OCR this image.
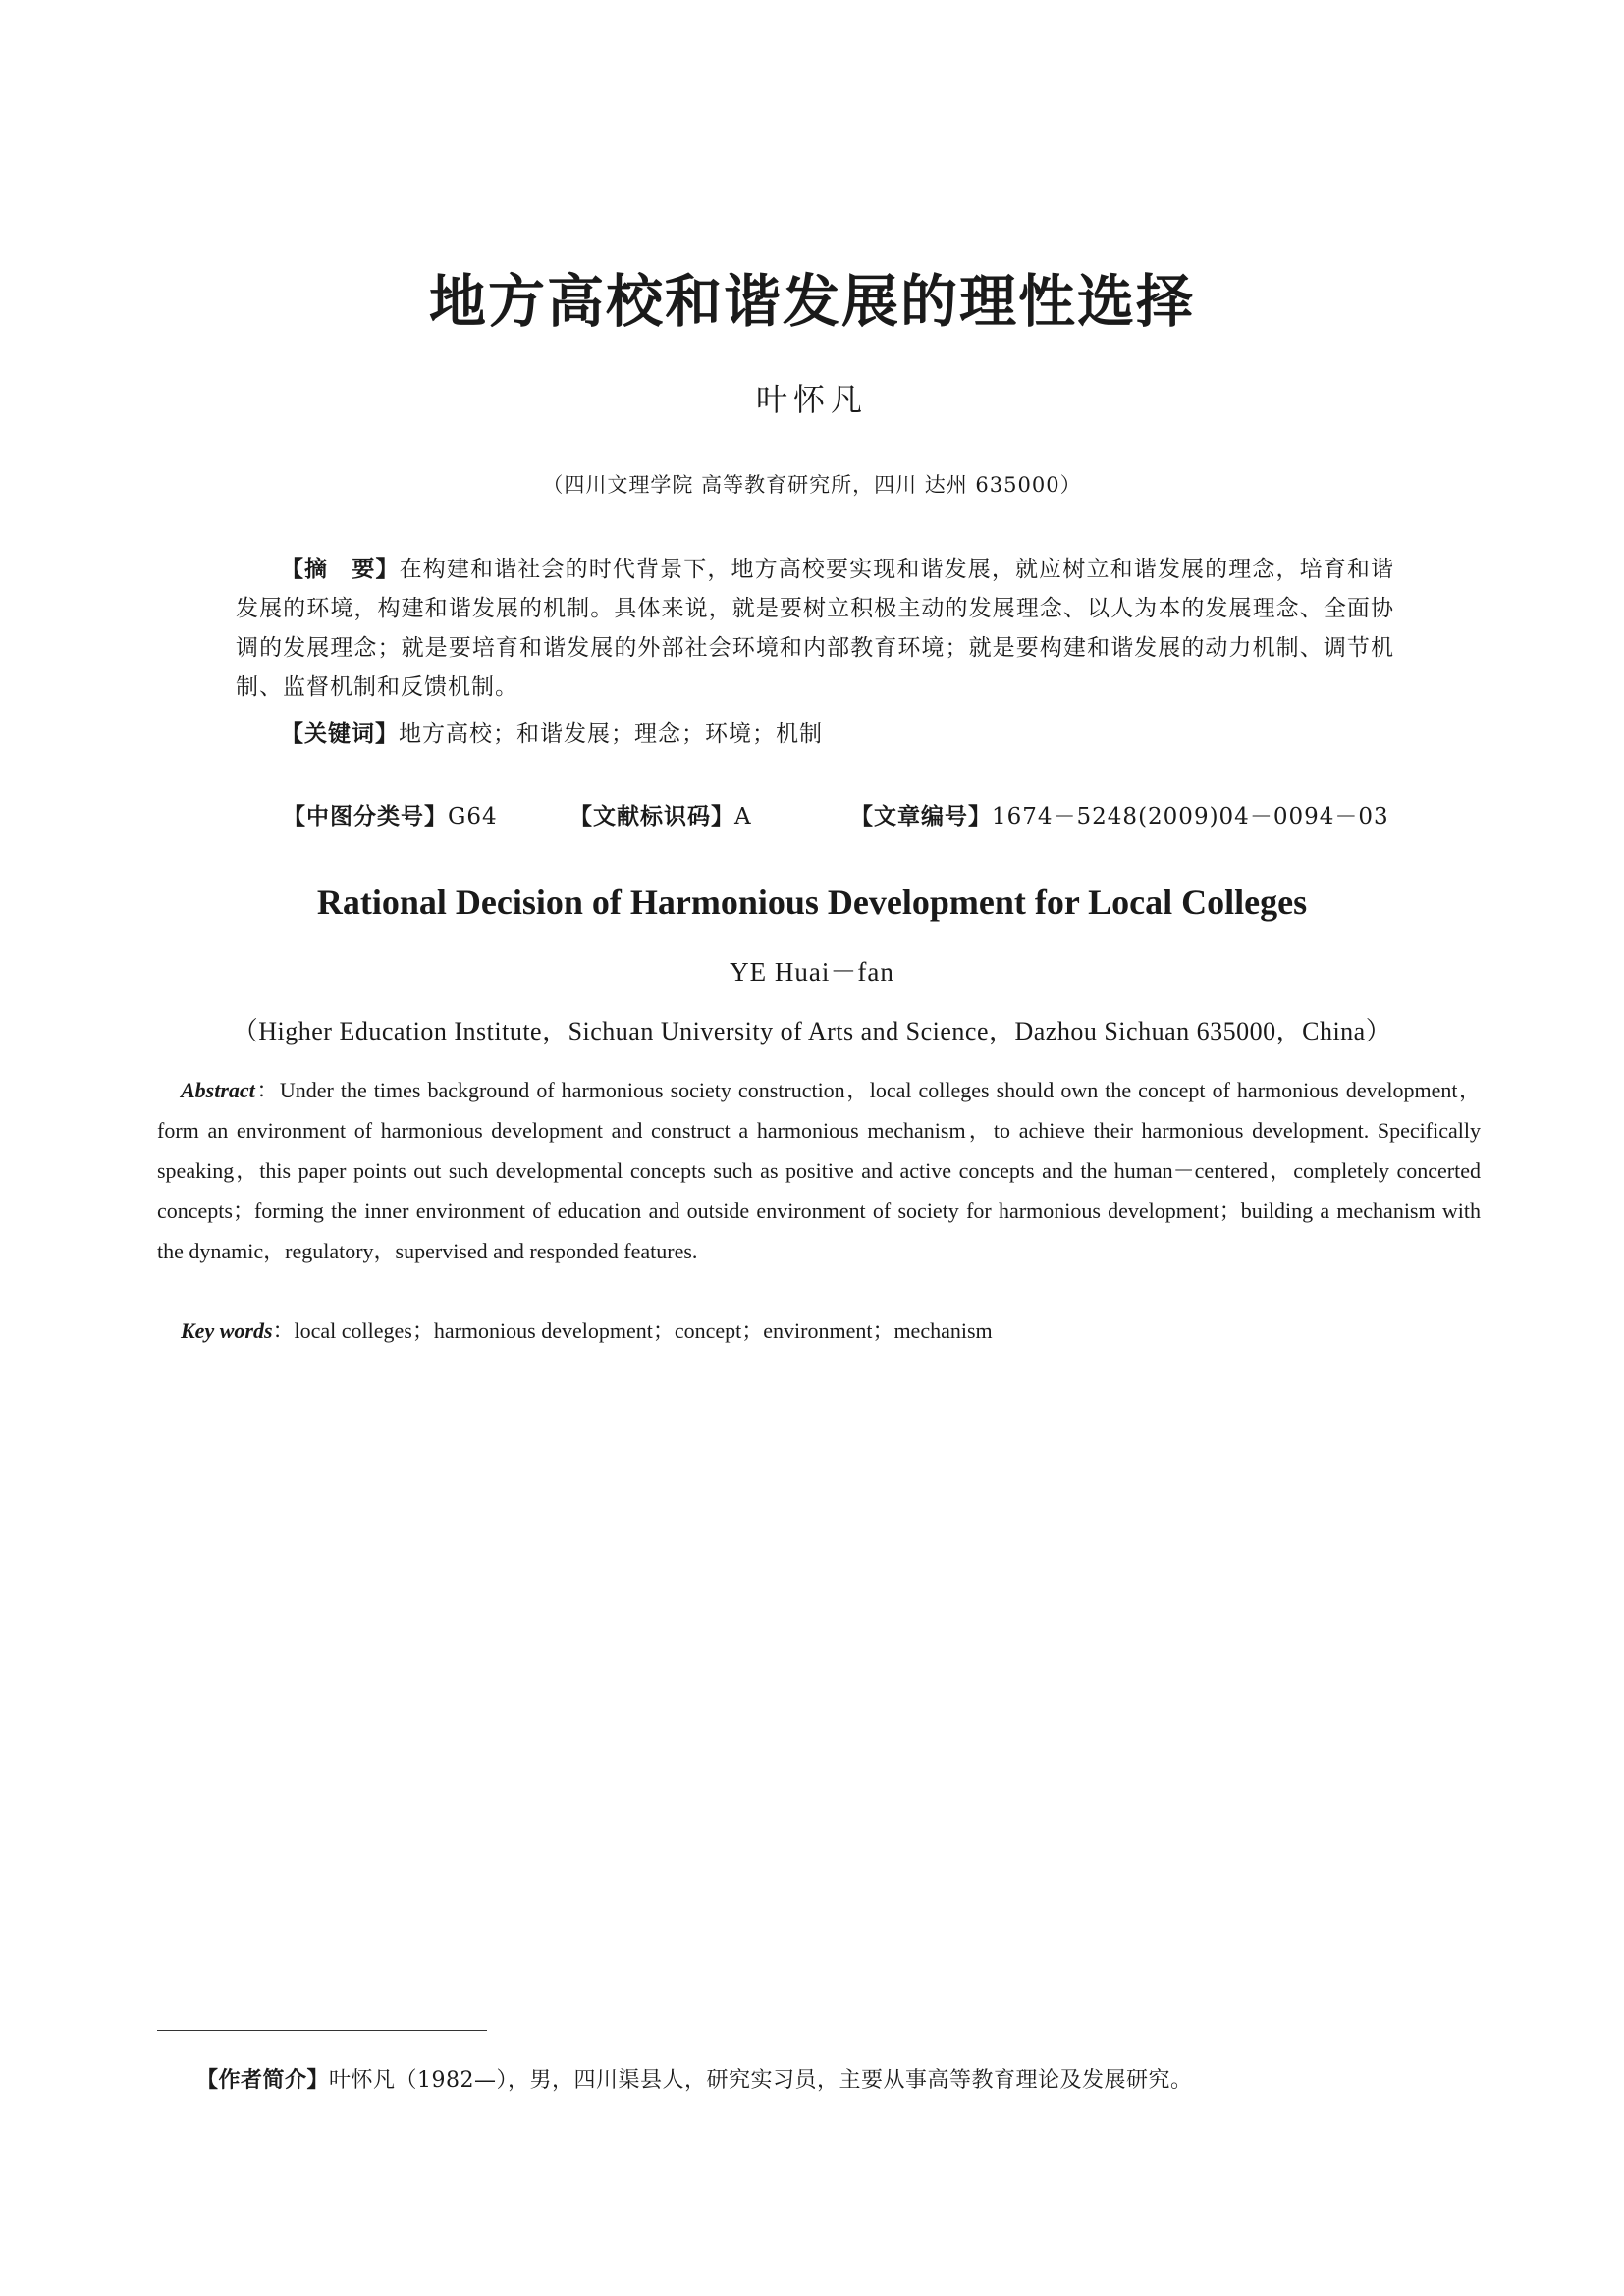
地方高校和谐发展的理性选择
叶怀凡
（四川文理学院 高等教育研究所，四川 达州 635000）
【摘　要】在构建和谐社会的时代背景下，地方高校要实现和谐发展，就应树立和谐发展的理念，培育和谐发展的环境，构建和谐发展的机制。具体来说，就是要树立积极主动的发展理念、以人为本的发展理念、全面协调的发展理念；就是要培育和谐发展的外部社会环境和内部教育环境；就是要构建和谐发展的动力机制、调节机制、监督机制和反馈机制。
【关键词】地方高校；和谐发展；理念；环境；机制
【中图分类号】G64	【文献标识码】A	【文章编号】1674－5248(2009)04－0094－03
Rational Decision of Harmonious Development for Local Colleges
YE Huai－fan
（Higher Education Institute，Sichuan University of Arts and Science，Dazhou Sichuan 635000，China）
Abstract：Under the times background of harmonious society construction，local colleges should own the concept of harmonious development，form an environment of harmonious development and construct a harmonious mechanism，to achieve their harmonious development. Specifically speaking，this paper points out such developmental concepts such as positive and active concepts and the human－centered，completely concerted concepts；forming the inner environment of education and outside environment of society for harmonious development；building a mechanism with the dynamic，regulatory，supervised and responded features.
Key words：local colleges；harmonious development；concept；environment；mechanism
【作者简介】叶怀凡（1982—），男，四川渠县人，研究实习员，主要从事高等教育理论及发展研究。
